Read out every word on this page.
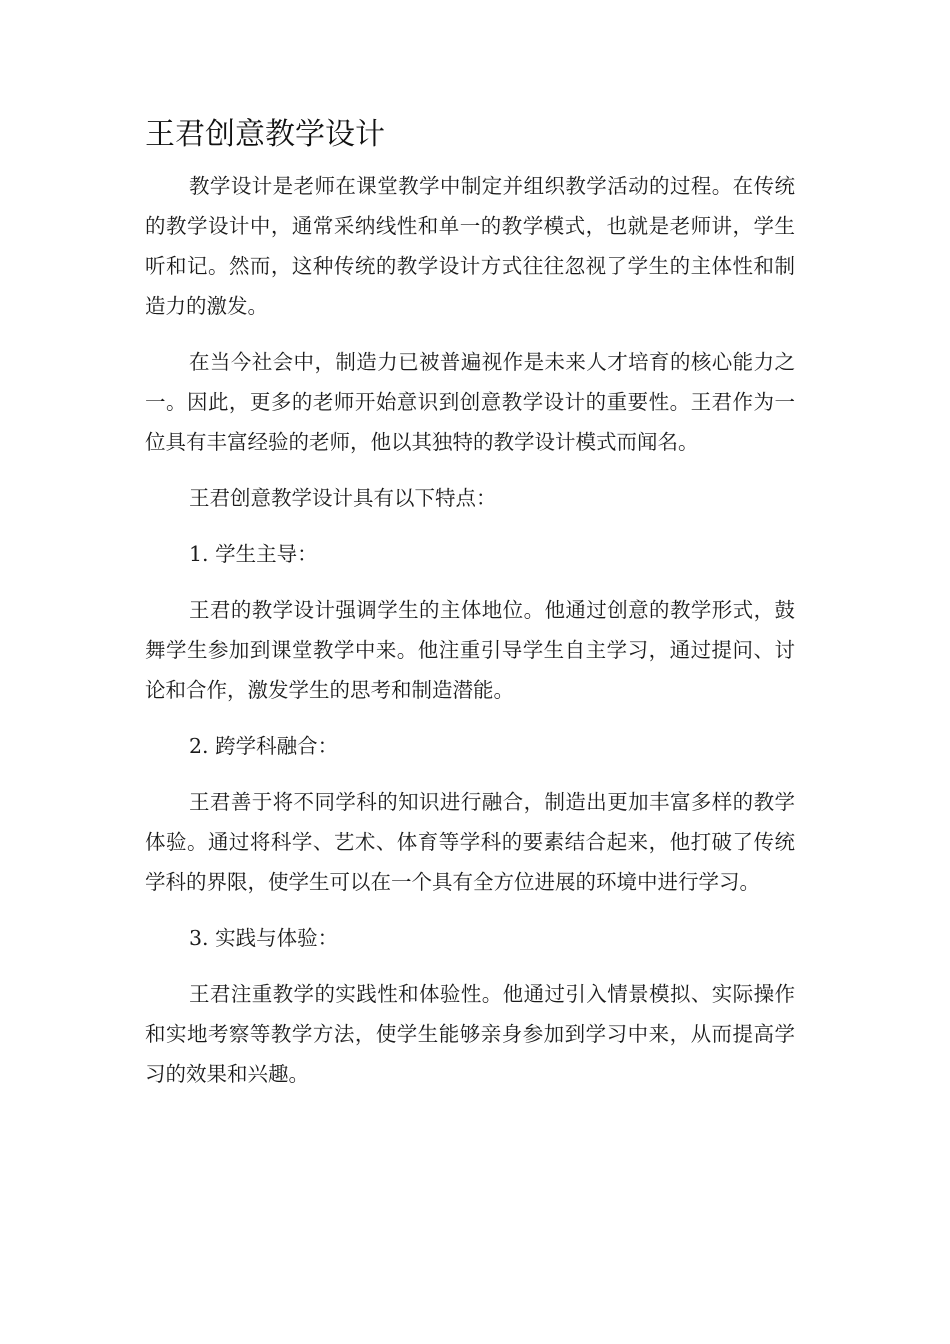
王君创意教学设计

教学设计是老师在课堂教学中制定并组织教学活动的过程。在传统的教学设计中，通常采纳线性和单一的教学模式，也就是老师讲，学生听和记。然而，这种传统的教学设计方式往往忽视了学生的主体性和制造力的激发。

在当今社会中，制造力已被普遍视作是未来人才培育的核心能力之一。因此，更多的老师开始意识到创意教学设计的重要性。王君作为一位具有丰富经验的老师，他以其独特的教学设计模式而闻名。

王君创意教学设计具有以下特点：

1. 学生主导：

王君的教学设计强调学生的主体地位。他通过创意的教学形式，鼓舞学生参加到课堂教学中来。他注重引导学生自主学习，通过提问、讨论和合作，激发学生的思考和制造潜能。

2. 跨学科融合：

王君善于将不同学科的知识进行融合，制造出更加丰富多样的教学体验。通过将科学、艺术、体育等学科的要素结合起来，他打破了传统学科的界限，使学生可以在一个具有全方位进展的环境中进行学习。

3. 实践与体验：

王君注重教学的实践性和体验性。他通过引入情景模拟、实际操作和实地考察等教学方法，使学生能够亲身参加到学习中来，从而提高学习的效果和兴趣。
